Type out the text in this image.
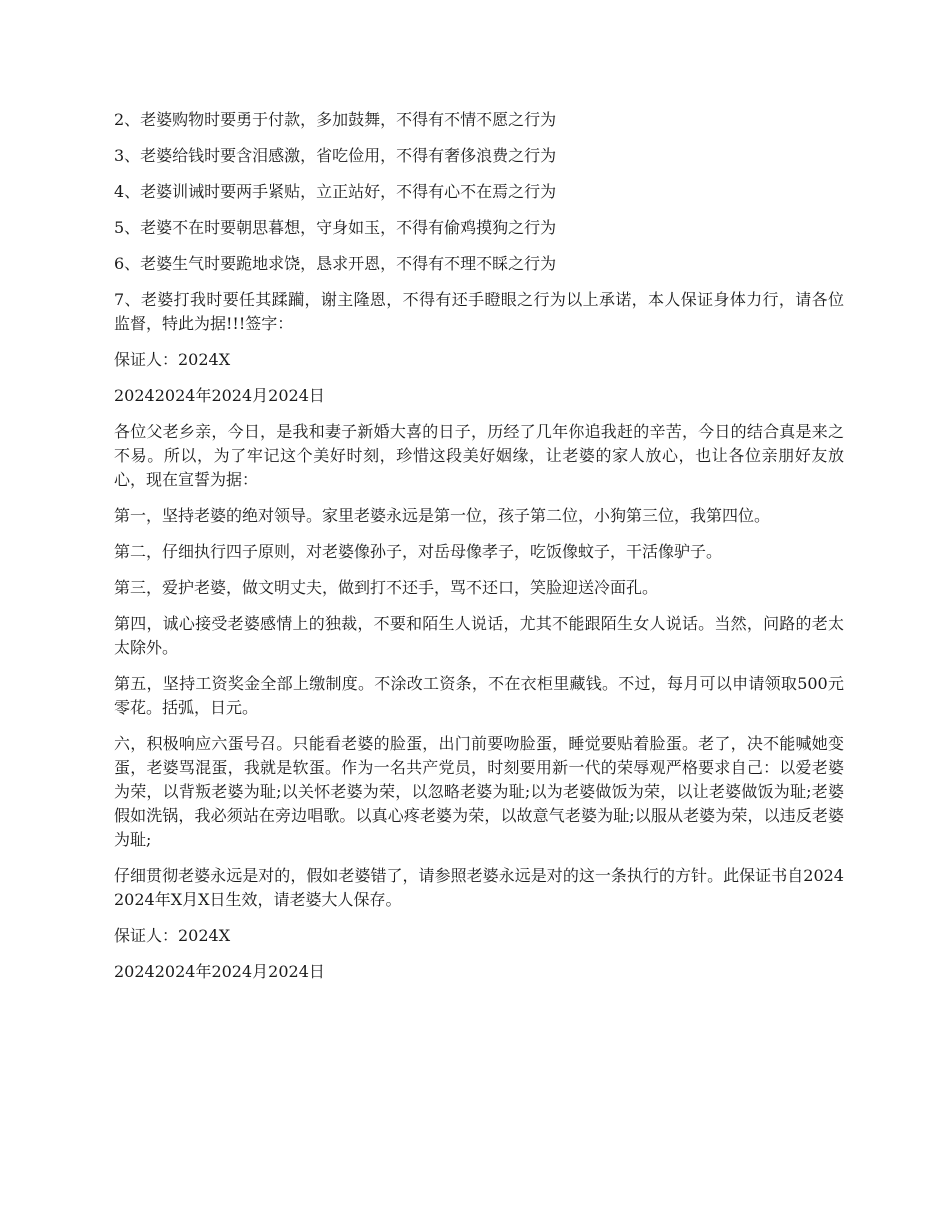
2、老婆购物时要勇于付款，多加鼓舞，不得有不情不愿之行为

3、老婆给钱时要含泪感激，省吃俭用，不得有奢侈浪费之行为

4、老婆训诫时要两手紧贴，立正站好，不得有心不在焉之行为

5、老婆不在时要朝思暮想，守身如玉，不得有偷鸡摸狗之行为

6、老婆生气时要跪地求饶，恳求开恩，不得有不理不睬之行为

7、老婆打我时要任其蹂躏，谢主隆恩，不得有还手瞪眼之行为以上承诺，本人保证身体力行，请各位监督，特此为据!!!签字：

保证人：2024X

20242024年2024月2024日

各位父老乡亲，今日，是我和妻子新婚大喜的日子，历经了几年你追我赶的辛苦，今日的结合真是来之不易。所以，为了牢记这个美好时刻，珍惜这段美好姻缘，让老婆的家人放心，也让各位亲朋好友放心，现在宣誓为据：

第一，坚持老婆的绝对领导。家里老婆永远是第一位，孩子第二位，小狗第三位，我第四位。

第二，仔细执行四子原则，对老婆像孙子，对岳母像孝子，吃饭像蚊子，干活像驴子。

第三，爱护老婆，做文明丈夫，做到打不还手，骂不还口，笑脸迎送冷面孔。

第四，诚心接受老婆感情上的独裁，不要和陌生人说话，尤其不能跟陌生女人说话。当然，问路的老太太除外。

第五，坚持工资奖金全部上缴制度。不涂改工资条，不在衣柜里藏钱。不过，每月可以申请领取500元零花。括弧，日元。

六，积极响应六蛋号召。只能看老婆的脸蛋，出门前要吻脸蛋，睡觉要贴着脸蛋。老了，决不能喊她变蛋，老婆骂混蛋，我就是软蛋。作为一名共产党员，时刻要用新一代的荣辱观严格要求自己：以爱老婆为荣，以背叛老婆为耻;以关怀老婆为荣，以忽略老婆为耻;以为老婆做饭为荣，以让老婆做饭为耻;老婆假如洗锅，我必须站在旁边唱歌。以真心疼老婆为荣，以故意气老婆为耻;以服从老婆为荣，以违反老婆为耻;

仔细贯彻老婆永远是对的，假如老婆错了，请参照老婆永远是对的这一条执行的方针。此保证书自20242024年X月X日生效，请老婆大人保存。

保证人：2024X

20242024年2024月2024日
